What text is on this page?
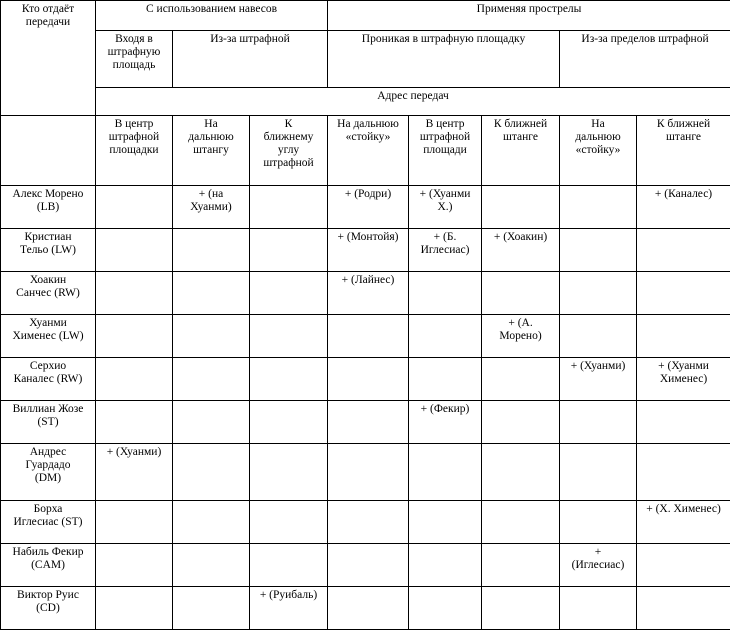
Кто отдаёт
передачи	С использованием навесов			Применяя прострелы				
	Входя в
штрафную
площадь	Из-за штрафной		Проникая в штрафную площадку			Из-за пределов штрафной	
	Адрес передач							
	В центр
штрафной
площадки	На
дальнюю
штангу	К
ближнему
углу
штрафной	На дальнюю
«стойку»	В центр
штрафной
площади	К ближней
штанге	На
дальнюю
«стойку»	К ближней
штанге
Алекс Морено
(LB)		+ (на
Хуанми)		+ (Родри)	+ (Хуанми
Х.)			+ (Каналес)
Кристиан
Тельо (LW)				+ (Монтойя)	+ (Б.
Иглесиас)	+ (Хоакин)		
Хоакин
Санчес (RW)				+ (Лайнес)				
Хуанми
Хименес (LW)						+ (А.
Морено)		
Серхио
Каналес (RW)							+ (Хуанми)	+ (Хуанми
Хименес)
Виллиан Жозе
(ST)					+ (Фекир)			
Андрес
Гуардадо
(DM)	+ (Хуанми)							
Борха
Иглесиас (ST)								+ (Х. Хименес)
Набиль Фекир
(CAM)							+
(Иглесиас)	
Виктор Руис
(CD)			+ (Руибаль)					
